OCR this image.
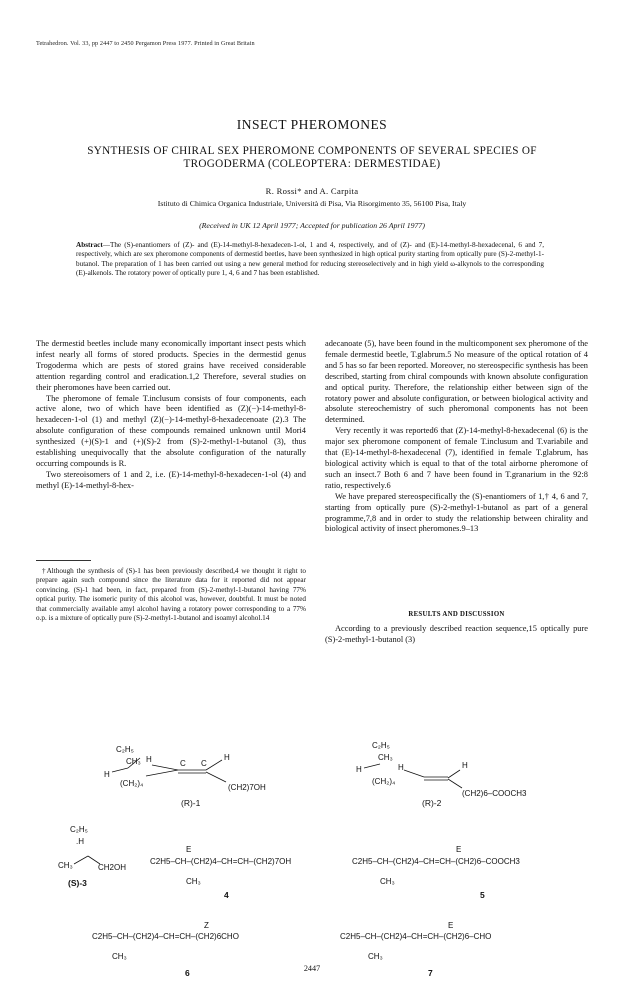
Tetrahedron. Vol. 33, pp 2447 to 2450 Pergamon Press 1977. Printed in Great Britain
INSECT PHEROMONES
SYNTHESIS OF CHIRAL SEX PHEROMONE COMPONENTS OF SEVERAL SPECIES OF TROGODERMA (COLEOPTERA: DERMESTIDAE)
R. Rossi* and A. Carpita
Istituto di Chimica Organica Industriale, Università di Pisa, Via Risorgimento 35, 56100 Pisa, Italy
(Received in UK 12 April 1977; Accepted for publication 26 April 1977)
Abstract—The (S)-enantiomers of (Z)- and (E)-14-methyl-8-hexadecen-1-ol, 1 and 4, respectively, and of (Z)- and (E)-14-methyl-8-hexadecenal, 6 and 7, respectively, which are sex pheromone components of dermestid beetles, have been synthesized in high optical purity starting from optically pure (S)-2-methyl-1-butanol. The preparation of 1 has been carried out using a new general method for reducing stereoselectively and in high yield ω-alkynols to the corresponding (E)-alkenols. The rotatory power of optically pure 1, 4, 6 and 7 has been established.

The dermestid beetles include many economically important insect pests which infest nearly all forms of stored products. Species in the dermestid genus Trogoderma which are pests of stored grains have received considerable attention regarding control and eradication.1,2 Therefore, several studies on their pheromones have been carried out.

The pheromone of female T.inclusum consists of four components, each active alone, two of which have been identified as (Z)(−)-14-methyl-8-hexadecen-1-ol (1) and methyl (Z)(−)-14-methyl-8-hexadecenoate (2).3 The absolute configuration of these compounds remained unknown until Mori4 synthesized (+)(S)-1 and (+)(S)-2 from (S)-2-methyl-1-butanol (3), thus establishing unequivocally that the absolute configuration of the naturally occurring compounds is R.

Two stereoisomers of 1 and 2, i.e. (E)-14-methyl-8-hexadecen-1-ol (4) and methyl (E)-14-methyl-8-hex-

†Although the synthesis of (S)-1 has been previously described,4 we thought it right to prepare again such compound since the literature data for it reported did not appear convincing. (S)-1 had been, in fact, prepared from (S)-2-methyl-1-butanol having 77% optical purity. The isomeric purity of this alcohol was, however, doubtful. It must be noted that commercially available amyl alcohol having a rotatory power corresponding to a 77% o.p. is a mixture of optically pure (S)-2-methyl-1-butanol and isoamyl alcohol.14

adecanoate (5), have been found in the multicomponent sex pheromone of the female dermestid beetle, T.glabrum.5 No measure of the optical rotation of 4 and 5 has so far been reported. Moreover, no stereospecific synthesis has been described, starting from chiral compounds with known absolute configuration and optical purity. Therefore, the relationship either between sign of the rotatory power and absolute configuration, or between biological activity and absolute stereochemistry of such pheromonal components has not been determined.

Very recently it was reported6 that (Z)-14-methyl-8-hexadecenal (6) is the major sex pheromone component of female T.inclusum and T.variabile and that (E)-14-methyl-8-hexadecenal (7), identified in female T.glabrum, has biological activity which is equal to that of the total airborne pheromone of such an insect.7 Both 6 and 7 have been found in T.granarium in the 92:8 ratio, respectively.6

We have prepared stereospecifically the (S)-enantiomers of 1,† 4, 6 and 7, starting from optically pure (S)-2-methyl-1-butanol as part of a general programme,7,8 and in order to study the relationship between chirality and biological activity of insect pheromones.9–13

RESULTS AND DISCUSSION

According to a previously described reaction sequence,15 optically pure (S)-2-methyl-1-butanol (3)

C₂H₅
CH₃
H
(CH₂)₄
C C
H	H
(CH2)7OH
(R)-1
C₂H₅
CH₃
H
(CH₂)₄
H	H
(CH2)6–COOCH3
(R)-2
C₂H₅
.H
CH₃	CH2OH
(S)-3
E
C2H5–CH–(CH2)4–CH=CH–(CH2)7OH
CH₃
4
E
C2H5–CH–(CH2)4–CH=CH–(CH2)6–COOCH3
CH₃
5
Z
C2H5–CH–(CH2)4–CH=CH–(CH2)6CHO
CH₃
6
E
C2H5–CH–(CH2)4–CH=CH–(CH2)6–CHO
CH₃
7
2447
